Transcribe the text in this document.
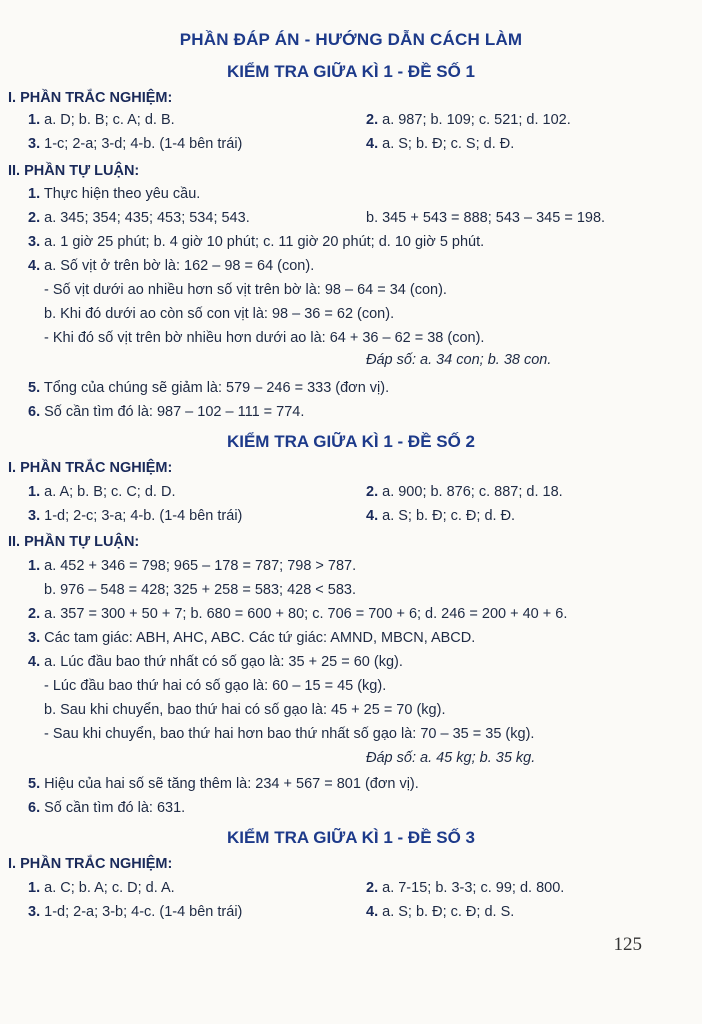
PHẦN ĐÁP ÁN - HƯỚNG DẪN CÁCH LÀM
KIỂM TRA GIỮA KÌ 1 - ĐỀ SỐ 1
I. PHẦN TRẮC NGHIỆM:
1. a. D; b. B; c. A; d. B.	2. a. 987; b. 109; c. 521; d. 102.
3. 1-c; 2-a; 3-d; 4-b. (1-4 bên trái)	4. a. S; b. Đ; c. S; d. Đ.
II. PHẦN TỰ LUẬN:
1. Thực hiện theo yêu cầu.
2. a. 345; 354; 435; 453; 534; 543.	b. 345 + 543 = 888; 543 – 345 = 198.
3. a. 1 giờ 25 phút; b. 4 giờ 10 phút; c. 11 giờ 20 phút; d. 10 giờ 5 phút.
4. a. Số vịt ở trên bờ là: 162 – 98 = 64 (con).
- Số vịt dưới ao nhiều hơn số vịt trên bờ là: 98 – 64 = 34 (con).
b. Khi đó dưới ao còn số con vịt là: 98 – 36 = 62 (con).
- Khi đó số vịt trên bờ nhiều hơn dưới ao là: 64 + 36 – 62 = 38 (con).
Đáp số: a. 34 con; b. 38 con.
5. Tổng của chúng sẽ giảm là: 579 – 246 = 333 (đơn vị).
6. Số cần tìm đó là: 987 – 102 – 111 = 774.
KIỂM TRA GIỮA KÌ 1 - ĐỀ SỐ 2
I. PHẦN TRẮC NGHIỆM:
1. a. A; b. B; c. C; d. D.	2. a. 900; b. 876; c. 887; d. 18.
3. 1-d; 2-c; 3-a; 4-b. (1-4 bên trái)	4. a. S; b. Đ; c. Đ; d. Đ.
II. PHẦN TỰ LUẬN:
1. a. 452 + 346 = 798; 965 – 178 = 787; 798 > 787.
b. 976 – 548 = 428; 325 + 258 = 583; 428 < 583.
2. a. 357 = 300 + 50 + 7; b. 680 = 600 + 80; c. 706 = 700 + 6; d. 246 = 200 + 40 + 6.
3. Các tam giác: ABH, AHC, ABC. Các tứ giác: AMND, MBCN, ABCD.
4. a. Lúc đầu bao thứ nhất có số gạo là: 35 + 25 = 60 (kg).
- Lúc đầu bao thứ hai có số gạo là: 60 – 15 = 45 (kg).
b. Sau khi chuyển, bao thứ hai có số gạo là: 45 + 25 = 70 (kg).
- Sau khi chuyển, bao thứ hai hơn bao thứ nhất số gạo là: 70 – 35 = 35 (kg).
Đáp số: a. 45 kg; b. 35 kg.
5. Hiệu của hai số sẽ tăng thêm là: 234 + 567 = 801 (đơn vị).
6. Số cần tìm đó là: 631.
KIỂM TRA GIỮA KÌ 1 - ĐỀ SỐ 3
I. PHẦN TRẮC NGHIỆM:
1. a. C; b. A; c. D; d. A.	2. a. 7-15; b. 3-3; c. 99; d. 800.
3. 1-d; 2-a; 3-b; 4-c. (1-4 bên trái)	4. a. S; b. Đ; c. Đ; d. S.
125
